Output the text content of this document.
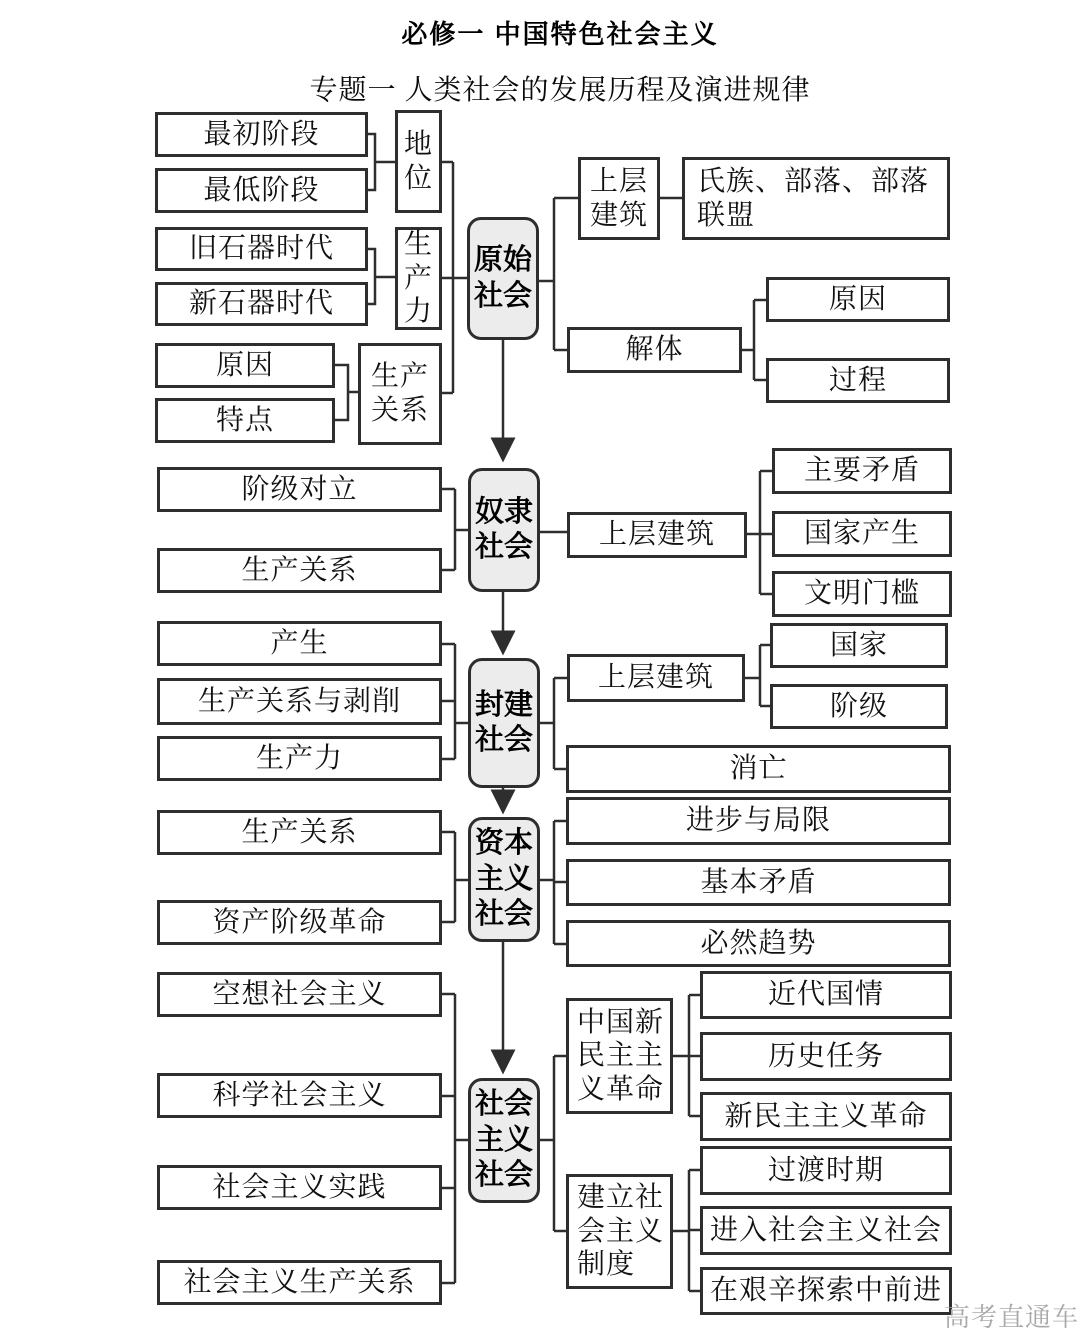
必修一 中国特色社会主义
专题一 人类社会的发展历程及演进规律
最初阶段
最低阶段
地位
旧石器时代
新石器时代
生产力
原因
特点
生产关系
原始社会
上层建筑
氏族、部落、部落联盟
解体
原因
过程
阶级对立
生产关系
奴隶社会	上层建筑
主要矛盾
国家产生
文明门槛
产生
生产关系与剥削
生产力
封建社会
上层建筑
国家
阶级
消亡
生产关系
资产阶级革命
资本主义社会
进步与局限
基本矛盾
必然趋势
空想社会主义
科学社会主义
社会主义实践
社会主义生产关系
社会主义社会
中国新民主主义革命
近代国情
历史任务
新民主主义革命
建立社会主义制度
过渡时期
进入社会主义社会
在艰辛探索中前进
高考直通车
